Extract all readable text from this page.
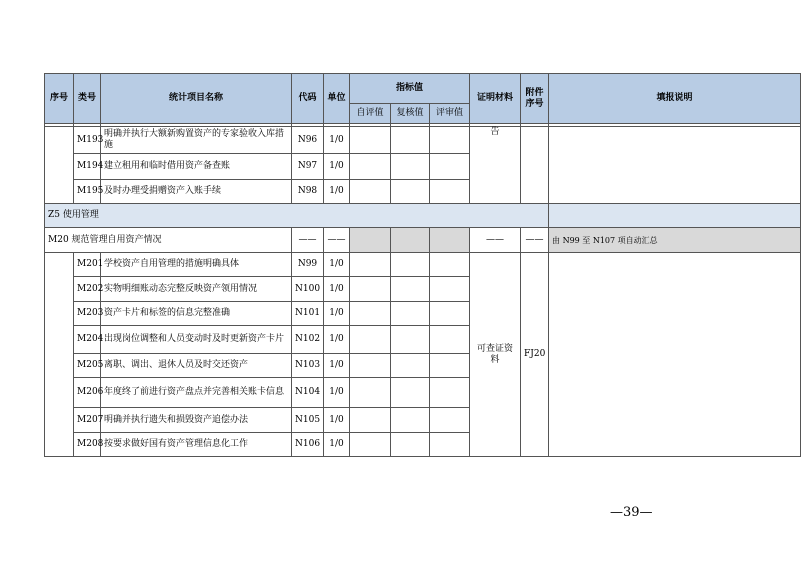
序号	类号	统计项目名称	代码	单位	指标值			证明材料	附件序号	填报说明
					自评值	复核值	评审值			

	M193	明确并执行大额新购置资产的专家验收入库措施	N96	1/0				告		
	M194	建立租用和临时借用资产备查账	N97	1/0						
	M195	及时办理受捐赠资产入账手续	N98	1/0						
Z5 使用管理										
M20 规范管理自用资产情况			——	——				——	——	由 N99 至 N107 项自动汇总
	M201	学校资产自用管理的措施明确具体	N99	1/0				可查证资料	FJ20	
	M202	实物明细账动态完整反映资产领用情况	N100	1/0						
	M203	资产卡片和标签的信息完整准确	N101	1/0						
	M204	出现岗位调整和人员变动时及时更新资产卡片	N102	1/0						
	M205	离职、调出、退休人员及时交还资产	N103	1/0						
	M206	年度终了前进行资产盘点并完善相关账卡信息	N104	1/0						
	M207	明确并执行遗失和损毁资产追偿办法	N105	1/0						
	M208	按要求做好国有资产管理信息化工作	N106	1/0						
—39—
